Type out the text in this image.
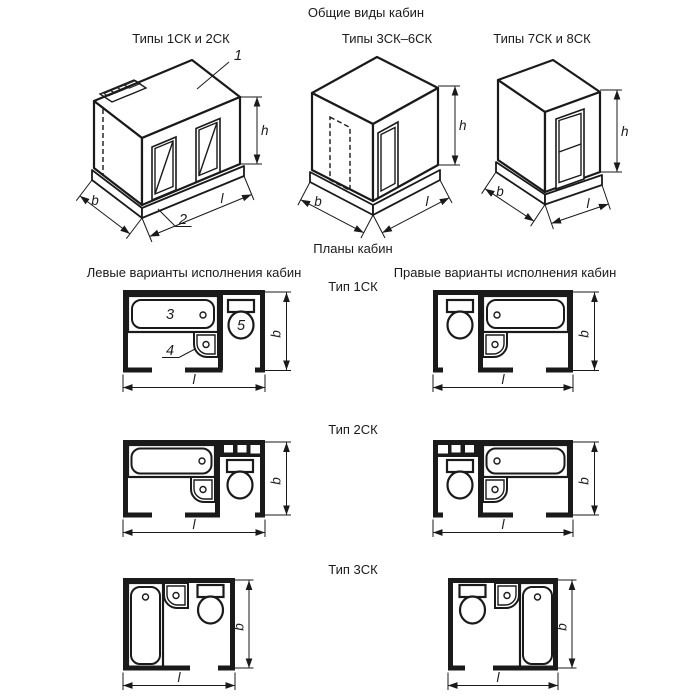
Общие виды кабин
Планы кабин
Левые варианты исполнения кабин	Правые варианты исполнения кабин
Типы 1СК и 2СК
h
b	l
1
2
Типы 3СК–6СК
h
b	l
Типы 7СК и 8СК
h
b
l
Тип 1СК
3
5
4
b
l
b
l
Тип 2СК
b
l
b
l
Тип 3СК
b
l
b
l
